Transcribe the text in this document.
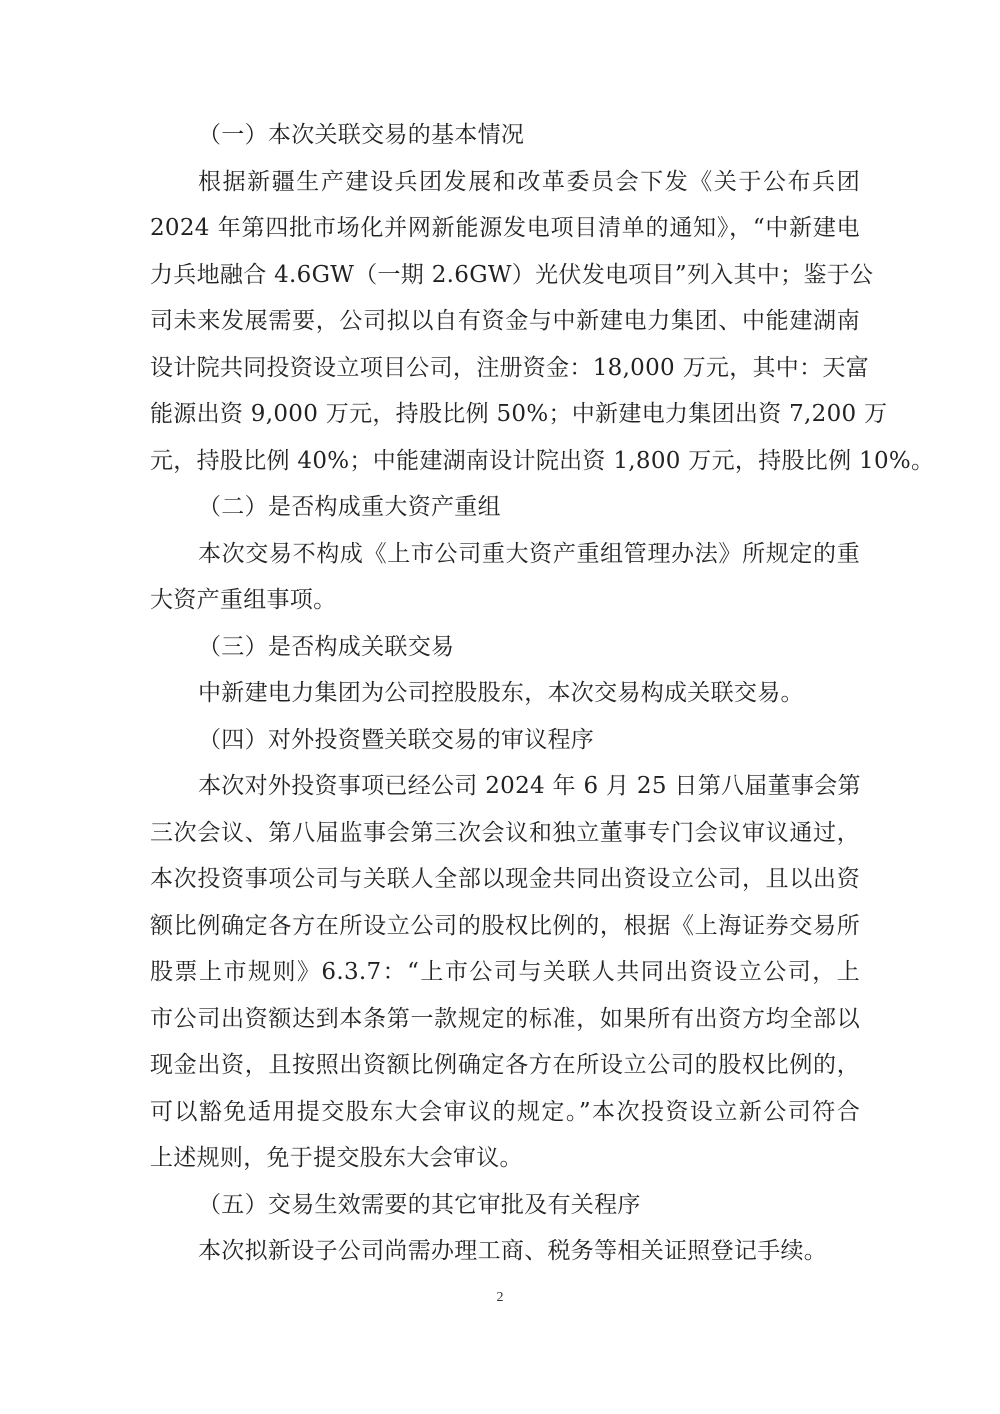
（一）本次关联交易的基本情况
根据新疆生产建设兵团发展和改革委员会下发《关于公布兵团
2024 年第四批市场化并网新能源发电项目清单的通知》，“中新建电
力兵地融合 4.6GW（一期 2.6GW）光伏发电项目”列入其中；鉴于公
司未来发展需要，公司拟以自有资金与中新建电力集团、中能建湖南
设计院共同投资设立项目公司，注册资金：18,000 万元，其中：天富
能源出资 9,000 万元，持股比例 50%；中新建电力集团出资 7,200 万
元，持股比例 40%；中能建湖南设计院出资 1,800 万元，持股比例 10%。
（二）是否构成重大资产重组
本次交易不构成《上市公司重大资产重组管理办法》所规定的重
大资产重组事项。
（三）是否构成关联交易
中新建电力集团为公司控股股东，本次交易构成关联交易。
（四）对外投资暨关联交易的审议程序
本次对外投资事项已经公司 2024 年 6 月 25 日第八届董事会第
三次会议、第八届监事会第三次会议和独立董事专门会议审议通过，
本次投资事项公司与关联人全部以现金共同出资设立公司，且以出资
额比例确定各方在所设立公司的股权比例的，根据《上海证券交易所
股票上市规则》6.3.7：“上市公司与关联人共同出资设立公司，上
市公司出资额达到本条第一款规定的标准，如果所有出资方均全部以
现金出资，且按照出资额比例确定各方在所设立公司的股权比例的，
可以豁免适用提交股东大会审议的规定。”本次投资设立新公司符合
上述规则，免于提交股东大会审议。
（五）交易生效需要的其它审批及有关程序
本次拟新设子公司尚需办理工商、税务等相关证照登记手续。
2
